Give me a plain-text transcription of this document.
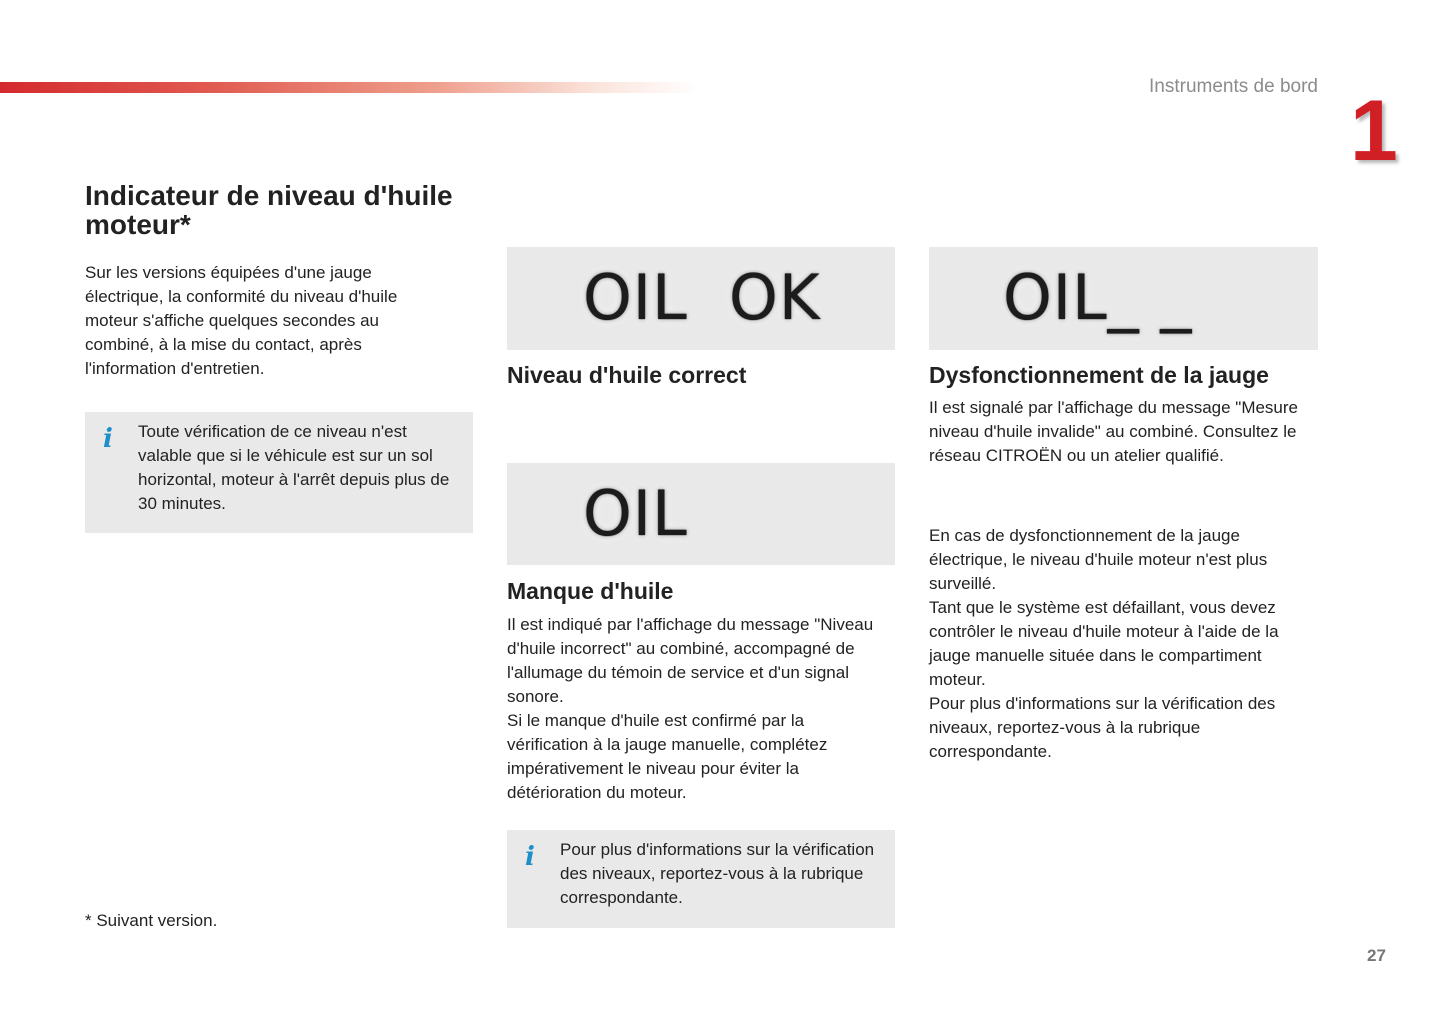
Instruments de bord 1
Indicateur de niveau d'huile moteur*

Sur les versions équipées d'une jauge électrique, la conformité du niveau d'huile moteur s'affiche quelques secondes au combiné, à la mise du contact, après l'information d'entretien.

i Toute vérification de ce niveau n'est valable que si le véhicule est sur un sol horizontal, moteur à l'arrêt depuis plus de 30 minutes.

OIL  OK
Niveau d'huile correct
OIL
Manque d'huile

Il est indiqué par l'affichage du message "Niveau d'huile incorrect" au combiné, accompagné de l'allumage du témoin de service et d'un signal sonore.
Si le manque d'huile est confirmé par la vérification à la jauge manuelle, complétez impérativement le niveau pour éviter la détérioration du moteur.

i Pour plus d'informations sur la vérification des niveaux, reportez-vous à la rubrique correspondante.

OIL_ _
Dysfonctionnement de la jauge

Il est signalé par l'affichage du message "Mesure niveau d'huile invalide" au combiné. Consultez le réseau CITROËN ou un atelier qualifié.

En cas de dysfonctionnement de la jauge électrique, le niveau d'huile moteur n'est plus surveillé.
Tant que le système est défaillant, vous devez contrôler le niveau d'huile moteur à l'aide de la jauge manuelle située dans le compartiment moteur.
Pour plus d'informations sur la vérification des niveaux, reportez-vous à la rubrique correspondante.

* Suivant version.
27
